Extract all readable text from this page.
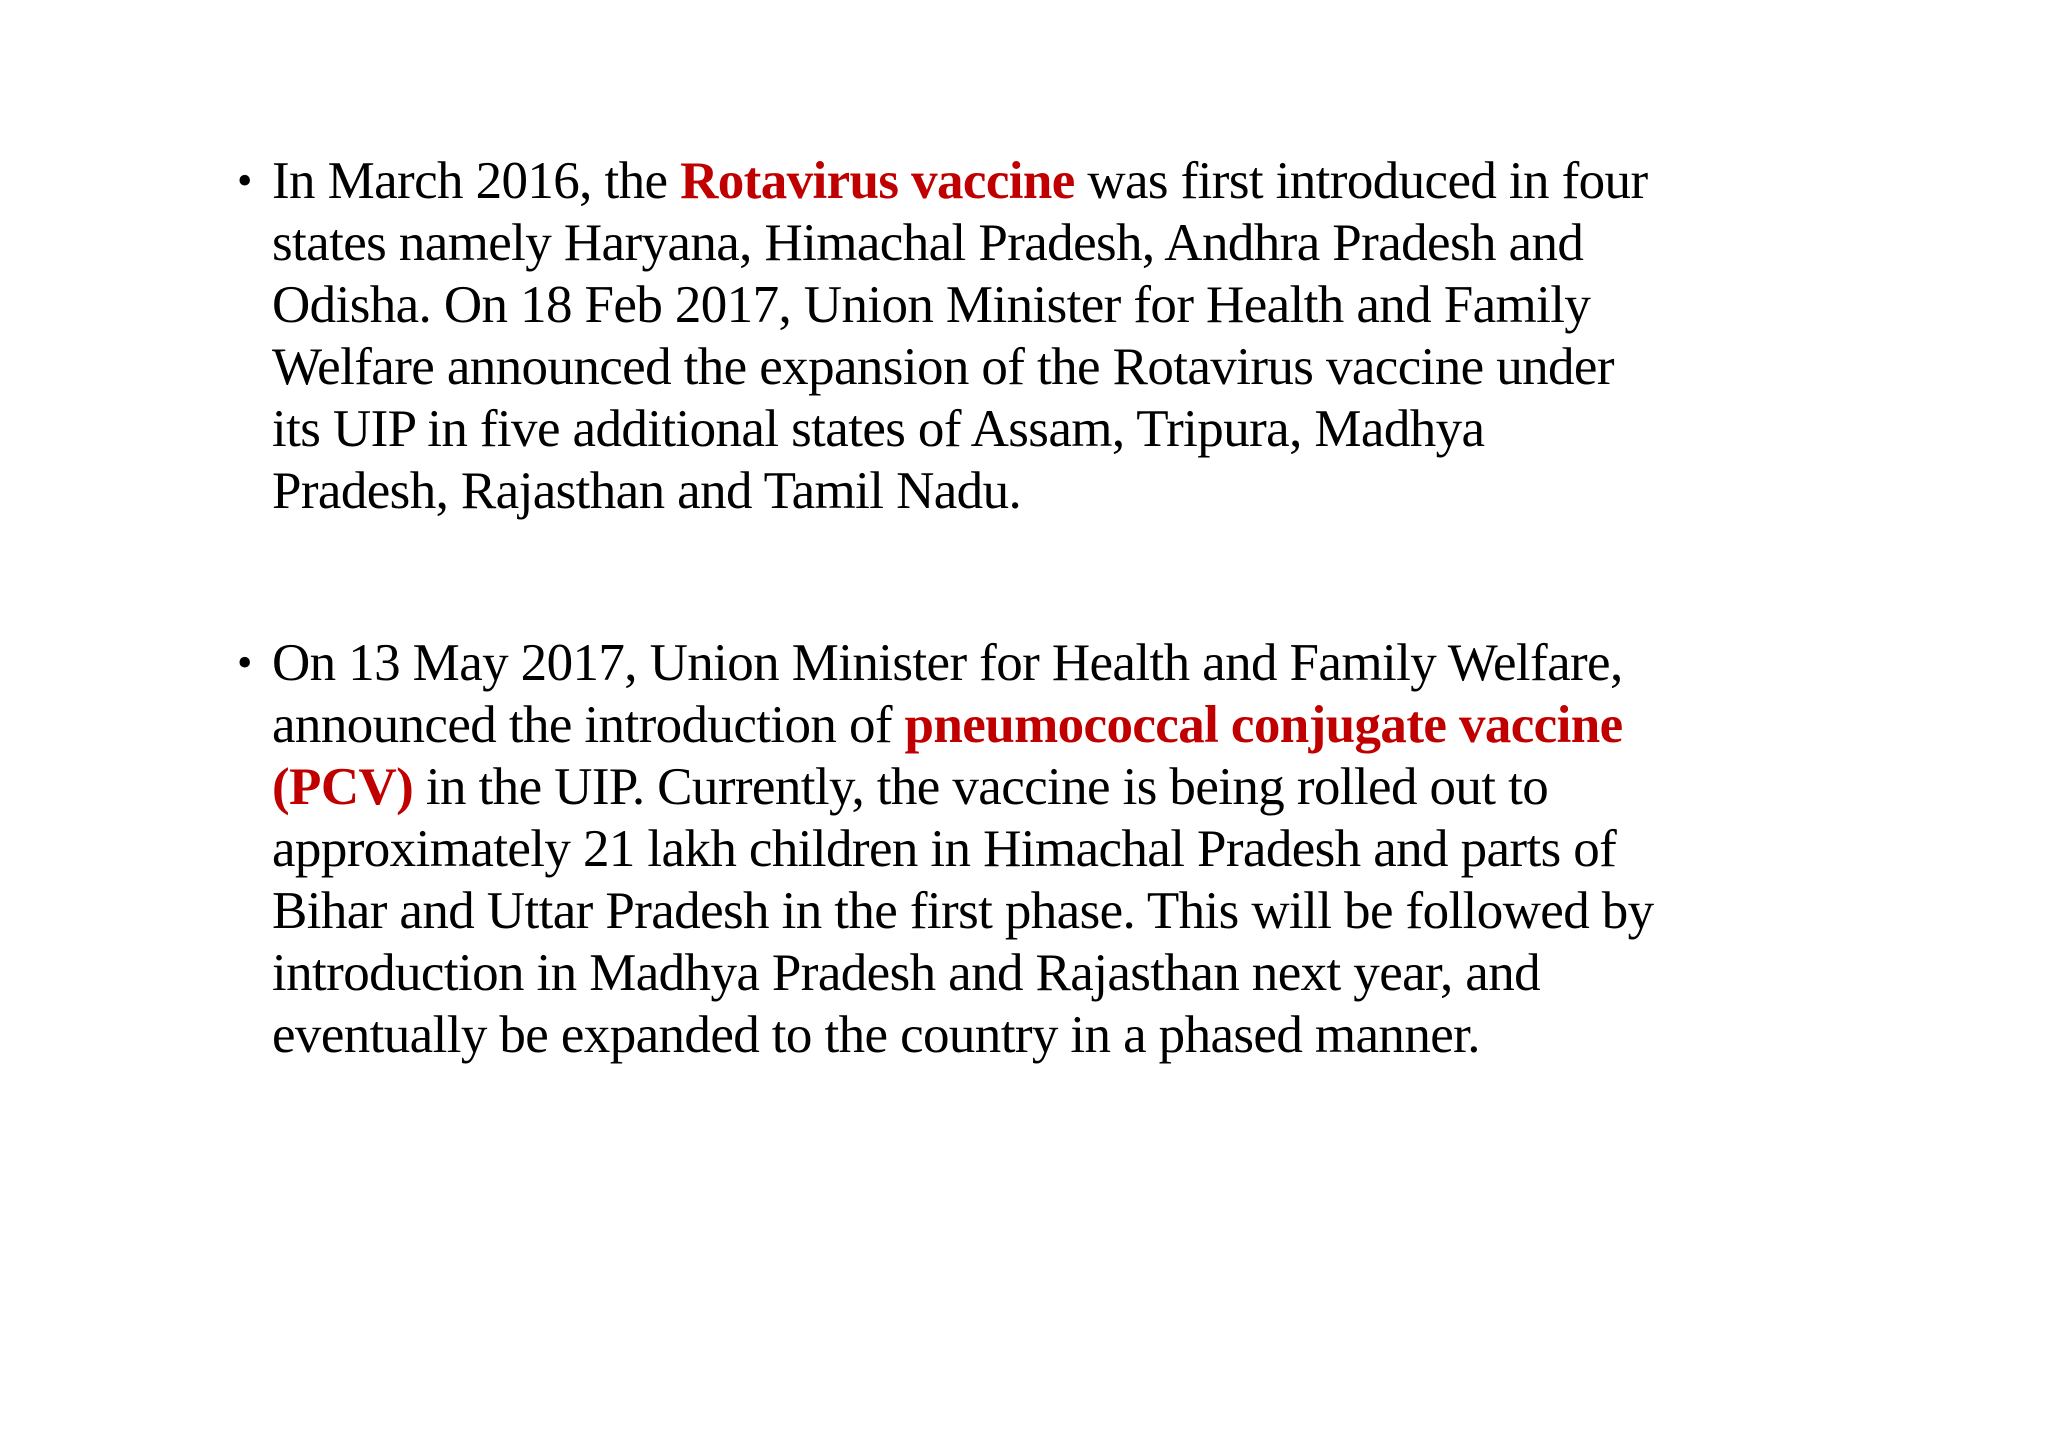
• In March 2016, the Rotavirus vaccine was first introduced in four
states namely Haryana, Himachal Pradesh, Andhra Pradesh and
Odisha. On 18 Feb 2017, Union Minister for Health and Family
Welfare announced the expansion of the Rotavirus vaccine under
its UIP in five additional states of Assam, Tripura, Madhya
Pradesh, Rajasthan and Tamil Nadu.
• On 13 May 2017, Union Minister for Health and Family Welfare,
announced the introduction of pneumococcal conjugate vaccine
(PCV) in the UIP. Currently, the vaccine is being rolled out to
approximately 21 lakh children in Himachal Pradesh and parts of
Bihar and Uttar Pradesh in the first phase. This will be followed by
introduction in Madhya Pradesh and Rajasthan next year, and
eventually be expanded to the country in a phased manner.
